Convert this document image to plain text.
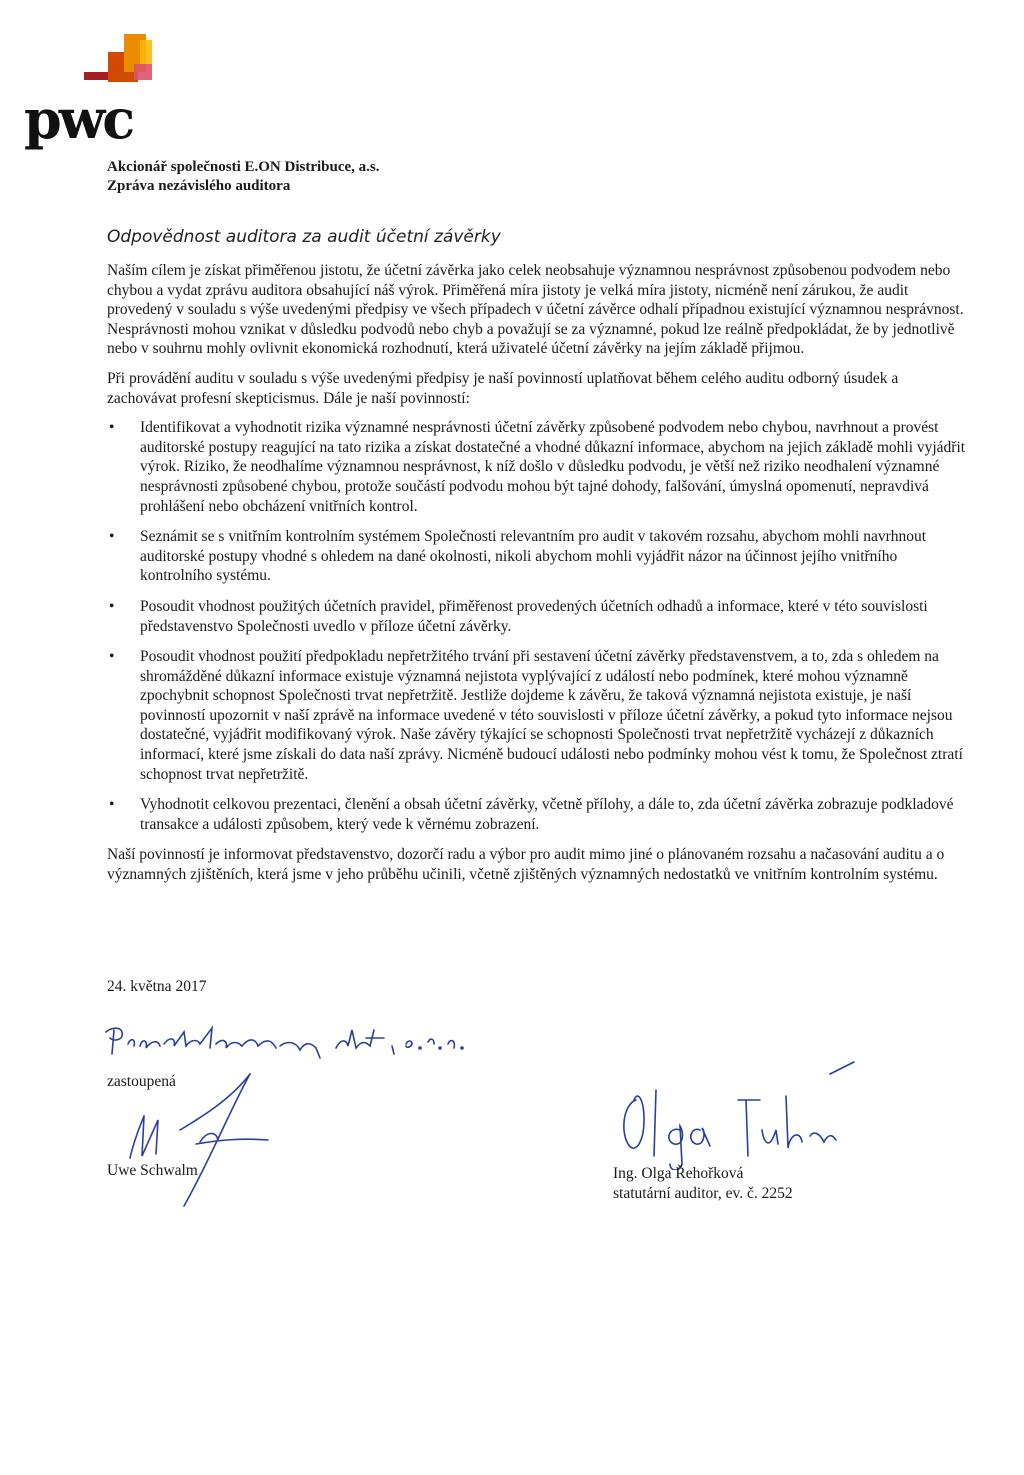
pwc
Akcionář společnosti E.ON Distribuce, a.s.
Zpráva nezávislého auditora
Odpovědnost auditora za audit účetní závěrky

Naším cílem je získat přiměřenou jistotu, že účetní závěrka jako celek neobsahuje významnou nesprávnost způsobenou podvodem nebo chybou a vydat zprávu auditora obsahující náš výrok. Přiměřená míra jistoty je velká míra jistoty, nicméně není zárukou, že audit provedený v souladu s výše uvedenými předpisy ve všech případech v účetní závěrce odhalí případnou existující významnou nesprávnost. Nesprávnosti mohou vznikat v důsledku podvodů nebo chyb a považují se za významné, pokud lze reálně předpokládat, že by jednotlivě nebo v souhrnu mohly ovlivnit ekonomická rozhodnutí, která uživatelé účetní závěrky na jejím základě přijmou.

Při provádění auditu v souladu s výše uvedenými předpisy je naší povinností uplatňovat během celého auditu odborný úsudek a zachovávat profesní skepticismus. Dále je naší povinností:

• Identifikovat a vyhodnotit rizika významné nesprávnosti účetní závěrky způsobené podvodem nebo chybou, navrhnout a provést auditorské postupy reagující na tato rizika a získat dostatečné a vhodné důkazní informace, abychom na jejich základě mohli vyjádřit výrok. Riziko, že neodhalíme významnou nesprávnost, k níž došlo v důsledku podvodu, je větší než riziko neodhalení významné nesprávnosti způsobené chybou, protože součástí podvodu mohou být tajné dohody, falšování, úmyslná opomenutí, nepravdivá prohlášení nebo obcházení vnitřních kontrol.
• Seznámit se s vnitřním kontrolním systémem Společnosti relevantním pro audit v takovém rozsahu, abychom mohli navrhnout auditorské postupy vhodné s ohledem na dané okolnosti, nikoli abychom mohli vyjádřit názor na účinnost jejího vnitřního kontrolního systému.
• Posoudit vhodnost použitých účetních pravidel, přiměřenost provedených účetních odhadů a informace, které v této souvislosti představenstvo Společnosti uvedlo v příloze účetní závěrky.
• Posoudit vhodnost použití předpokladu nepřetržitého trvání při sestavení účetní závěrky představenstvem, a to, zda s ohledem na shromážděné důkazní informace existuje významná nejistota vyplývající z událostí nebo podmínek, které mohou významně zpochybnit schopnost Společnosti trvat nepřetržitě. Jestliže dojdeme k závěru, že taková významná nejistota existuje, je naší povinností upozornit v naší zprávě na informace uvedené v této souvislosti v příloze účetní závěrky, a pokud tyto informace nejsou dostatečné, vyjádřit modifikovaný výrok. Naše závěry týkající se schopnosti Společnosti trvat nepřetržitě vycházejí z důkazních informací, které jsme získali do data naší zprávy. Nicméně budoucí události nebo podmínky mohou vést k tomu, že Společnost ztratí schopnost trvat nepřetržitě.
• Vyhodnotit celkovou prezentaci, členění a obsah účetní závěrky, včetně přílohy, a dále to, zda účetní závěrka zobrazuje podkladové transakce a události způsobem, který vede k věrnému zobrazení.

Naší povinností je informovat představenstvo, dozorčí radu a výbor pro audit mimo jiné o plánovaném rozsahu a načasování auditu a o významných zjištěních, která jsme v jeho průběhu učinili, včetně zjištěných významných nedostatků ve vnitřním kontrolním systému.

24. května 2017
zastoupená
Uwe Schwalm	Ing. Olga Řehořková
statutární auditor, ev. č. 2252
